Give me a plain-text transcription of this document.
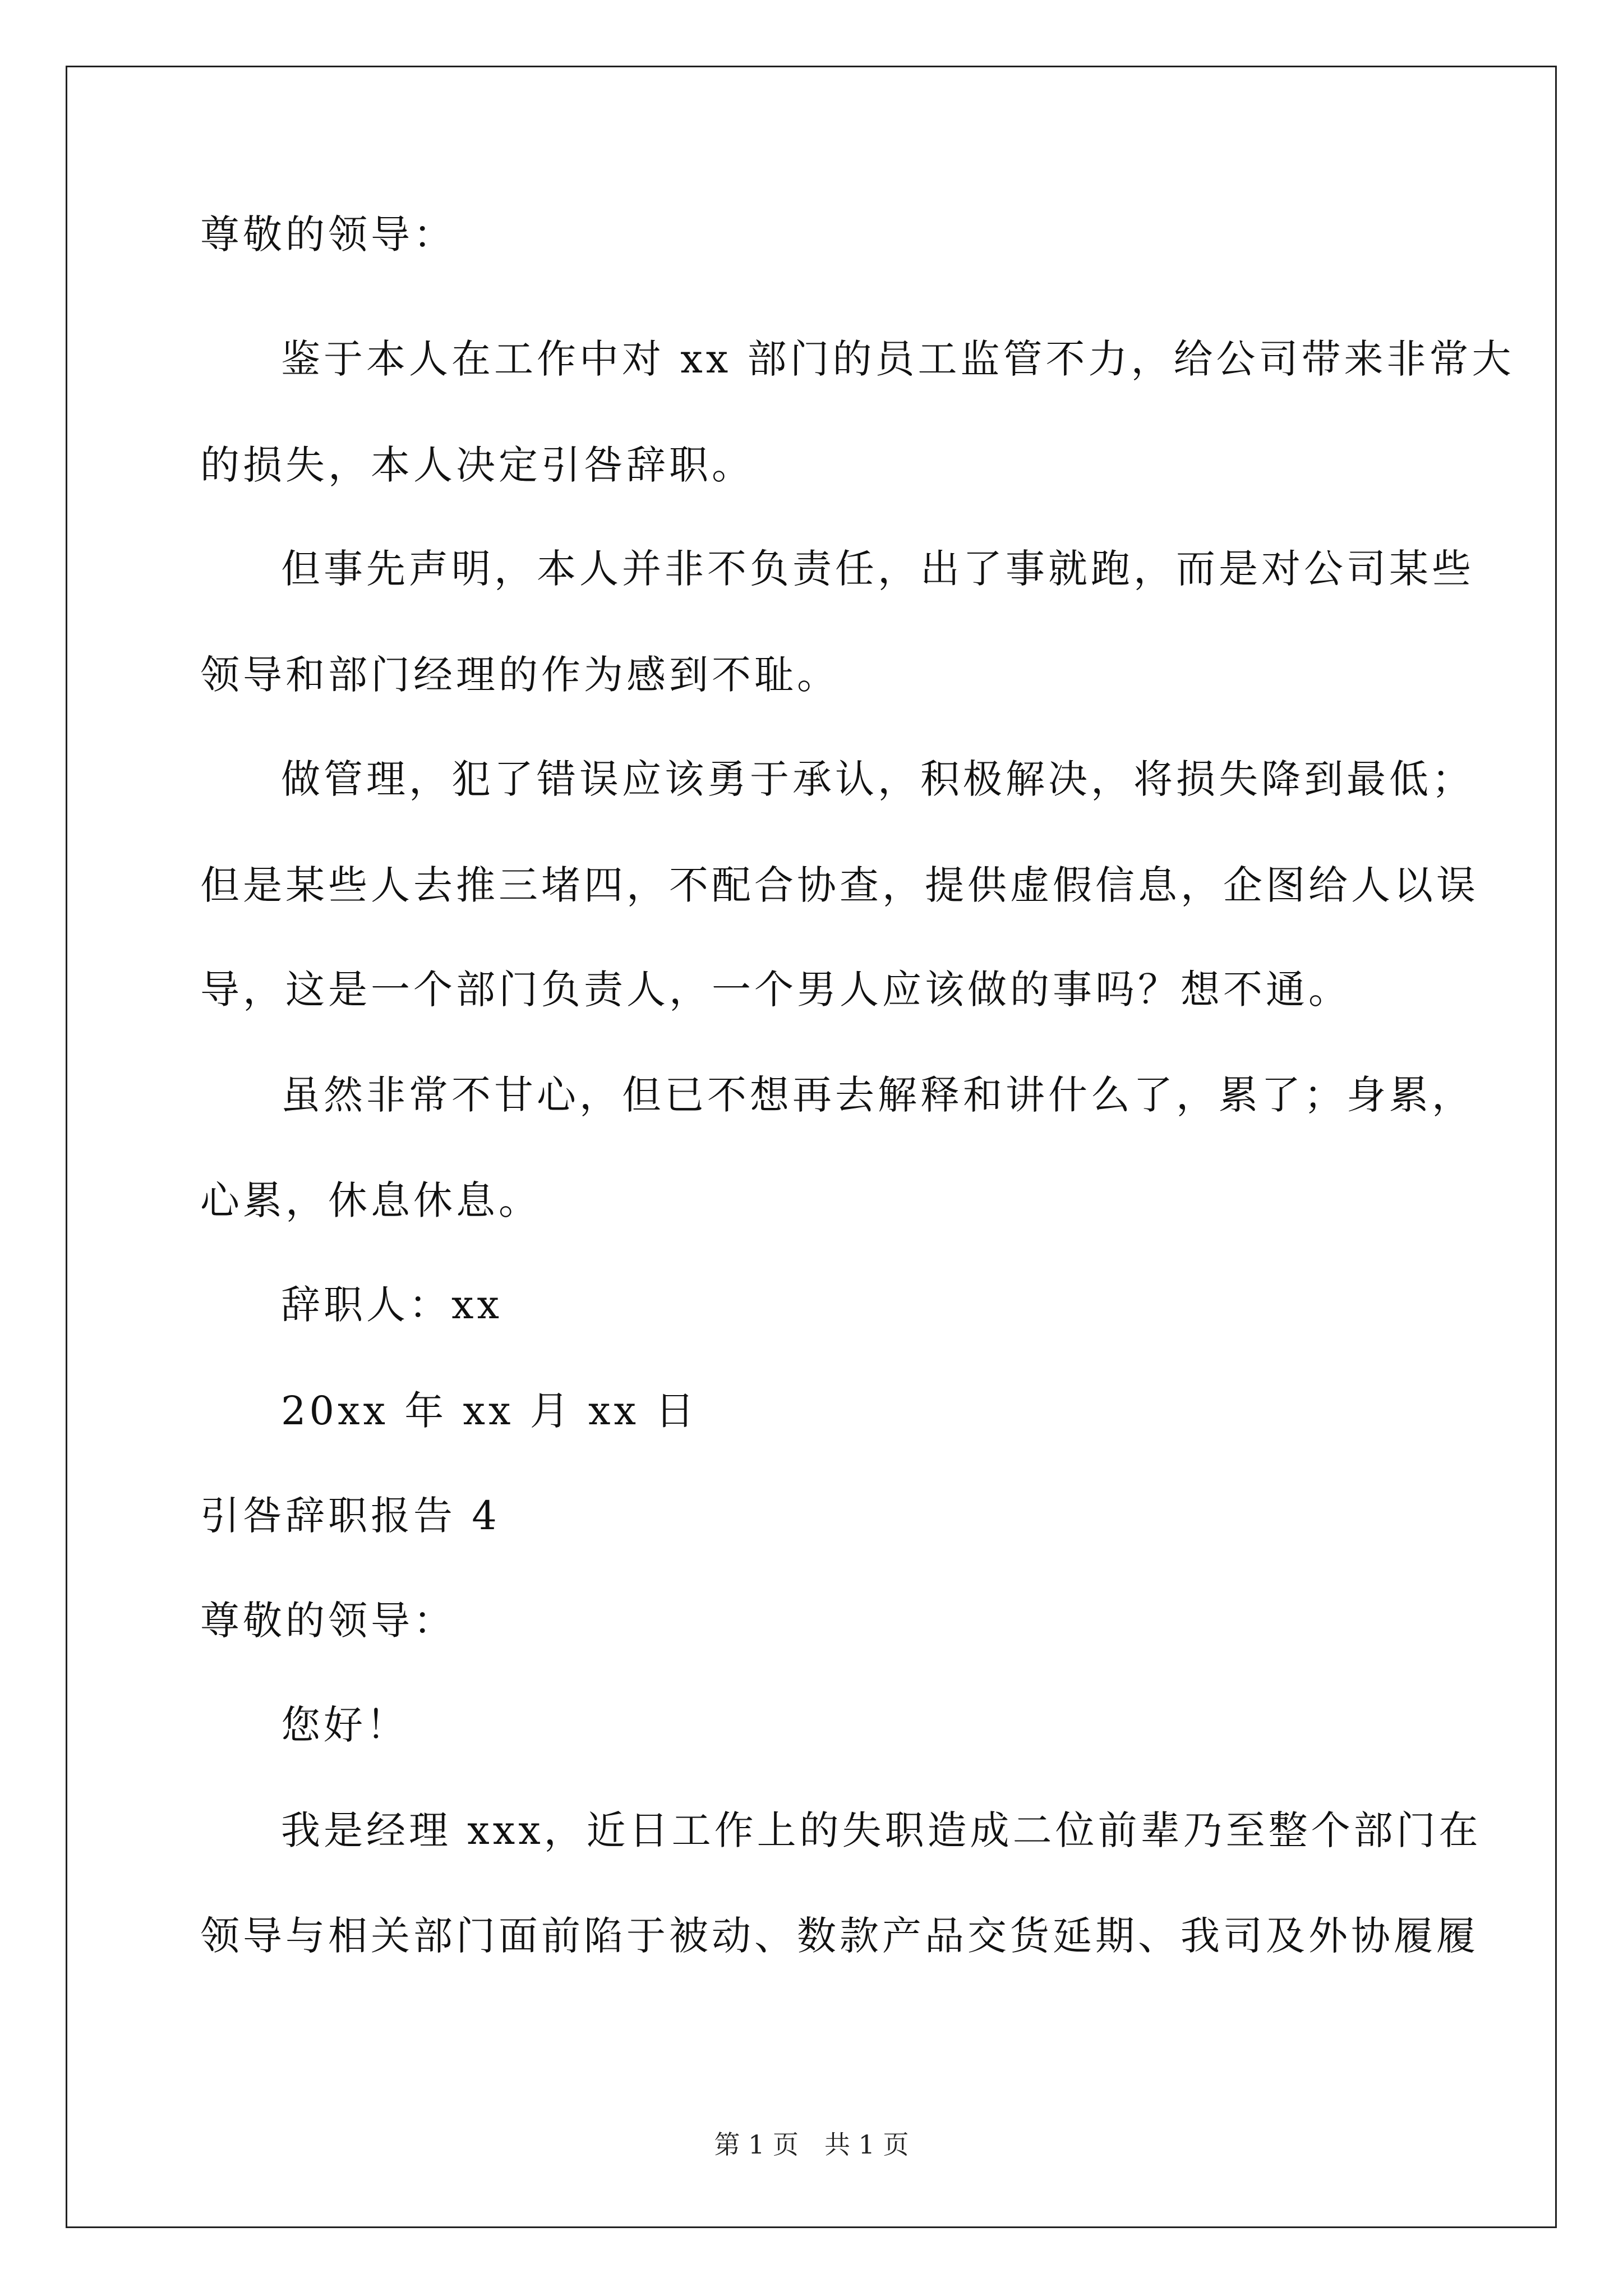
尊敬的领导：
鉴于本人在工作中对 xx 部门的员工监管不力，给公司带来非常大
的损失，本人决定引咎辞职。
但事先声明，本人并非不负责任，出了事就跑，而是对公司某些
领导和部门经理的作为感到不耻。
做管理，犯了错误应该勇于承认，积极解决，将损失降到最低；
但是某些人去推三堵四，不配合协查，提供虚假信息，企图给人以误
导，这是一个部门负责人，一个男人应该做的事吗？想不通。
虽然非常不甘心，但已不想再去解释和讲什么了，累了；身累，
心累，休息休息。
辞职人：xx
20xx 年 xx 月 xx 日
引咎辞职报告 4
尊敬的领导：
您好！
我是经理 xxx，近日工作上的失职造成二位前辈乃至整个部门在
领导与相关部门面前陷于被动、数款产品交货延期、我司及外协履履
第 1 页　共 1 页
